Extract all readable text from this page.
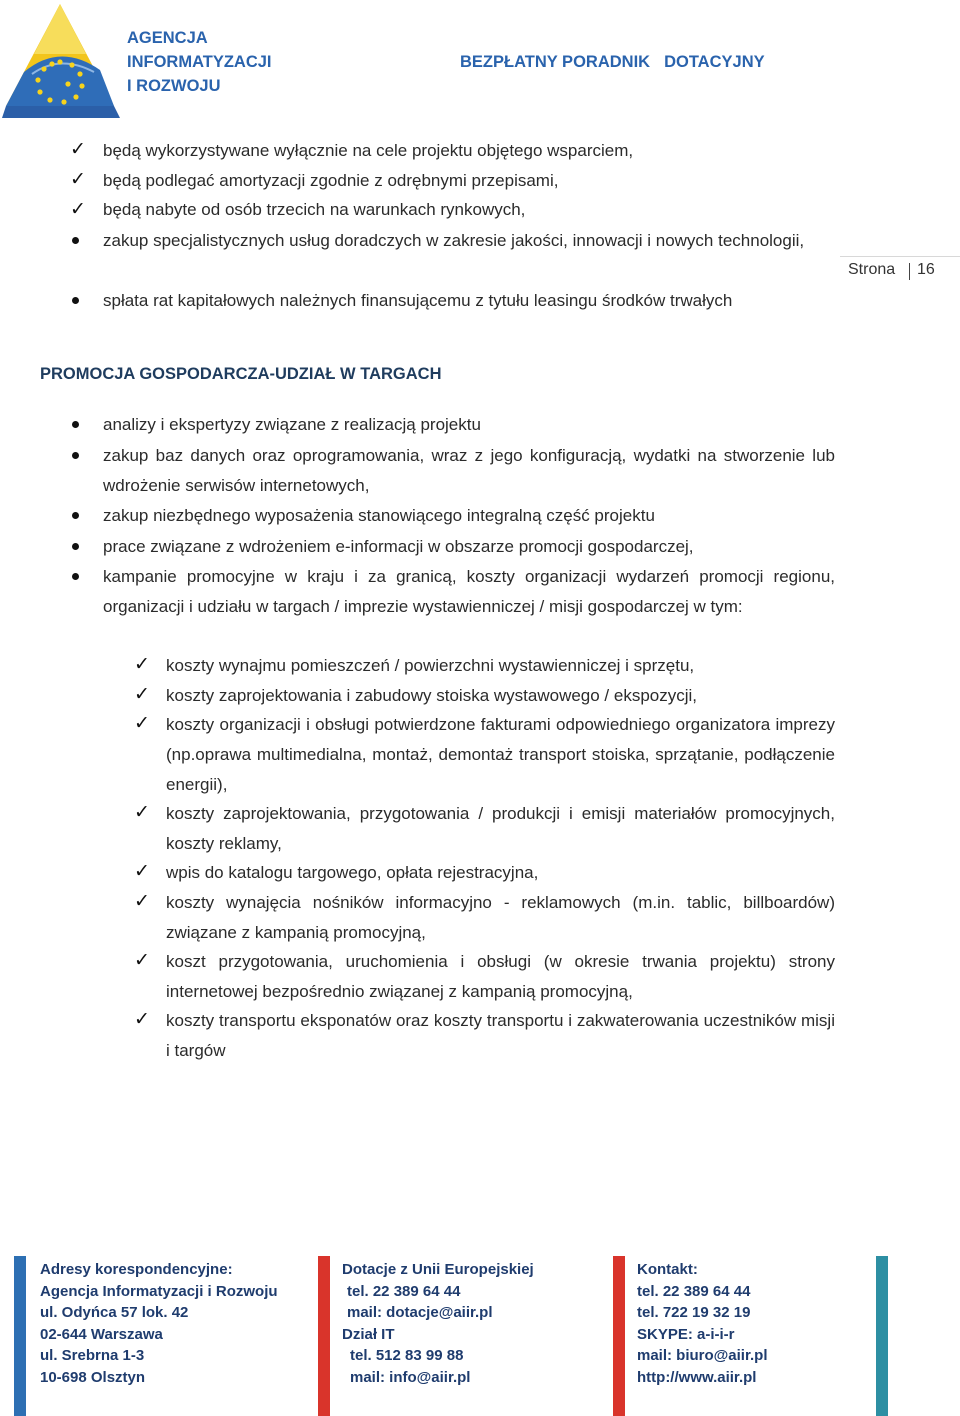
AGENCJA
INFORMATYZACJI
I ROZWOJU
BEZPŁATNY PORADNIK DOTACYJNY
Strona 16
✓ będą wykorzystywane wyłącznie na cele projektu objętego wsparciem,
✓ będą podlegać amortyzacji zgodnie z odrębnymi przepisami,
✓ będą nabyte od osób trzecich na warunkach rynkowych,
zakup specjalistycznych usług doradczych w zakresie jakości, innowacji i nowych technologii,
spłata rat kapitałowych należnych finansującemu z tytułu leasingu środków trwałych
PROMOCJA GOSPODARCZA-UDZIAŁ W TARGACH
analizy i ekspertyzy związane z realizacją projektu
zakup baz danych oraz oprogramowania, wraz z jego konfiguracją, wydatki na stworzenie lub wdrożenie serwisów internetowych,
zakup niezbędnego wyposażenia stanowiącego integralną część projektu
prace związane z wdrożeniem e-informacji w obszarze promocji gospodarczej,
kampanie promocyjne w kraju i za granicą, koszty organizacji wydarzeń promocji regionu, organizacji i udziału w targach / imprezie wystawienniczej / misji gospodarczej w tym:
✓ koszty wynajmu pomieszczeń / powierzchni wystawienniczej i sprzętu,
✓ koszty zaprojektowania i zabudowy stoiska wystawowego / ekspozycji,
✓ koszty organizacji i obsługi potwierdzone fakturami odpowiedniego organizatora imprezy (np.oprawa multimedialna, montaż, demontaż transport stoiska, sprzątanie, podłączenie energii),
✓ koszty zaprojektowania, przygotowania / produkcji i emisji materiałów promocyjnych, koszty reklamy,
✓ wpis do katalogu targowego, opłata rejestracyjna,
✓ koszty wynajęcia nośników informacyjno - reklamowych (m.in. tablic, billboardów) związane z kampanią promocyjną,
✓ koszt przygotowania, uruchomienia i obsługi (w okresie trwania projektu) strony internetowej bezpośrednio związanej z kampanią promocyjną,
✓ koszty transportu eksponatów oraz koszty transportu i zakwaterowania uczestników misji i targów
Adresy korespondencyjne:
Agencja Informatyzacji i Rozwoju
ul. Odyńca 57 lok. 42
02-644 Warszawa
ul. Srebrna 1-3
10-698 Olsztyn
Dotacje z Unii Europejskiej
tel. 22 389 64 44
mail: dotacje@aiir.pl
Dział IT
tel. 512 83 99 88
mail: info@aiir.pl
Kontakt:
tel. 22 389 64 44
tel. 722 19 32 19
SKYPE: a-i-i-r
mail: biuro@aiir.pl
http://www.aiir.pl
